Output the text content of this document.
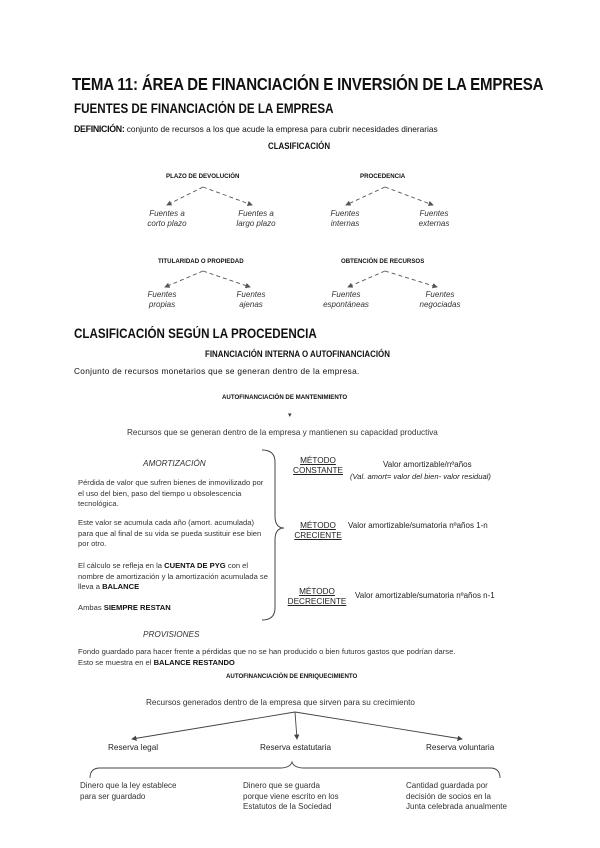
TEMA 11: ÁREA DE FINANCIACIÓN E INVERSIÓN DE LA EMPRESA
FUENTES DE FINANCIACIÓN DE LA EMPRESA
DEFINICIÓN: conjunto de recursos a los que acude la empresa para cubrir necesidades dinerarias
CLASIFICACIÓN
PLAZO DE DEVOLUCIÓN	PROCEDENCIA
TITULARIDAD O PROPIEDAD	OBTENCIÓN DE RECURSOS
Fuentes a
corto plazo
Fuentes a
largo plazo
Fuentes
internas
Fuentes
externas
Fuentes
propias
Fuentes
ajenas
Fuentes
espontáneas
Fuentes
negociadas
CLASIFICACIÓN SEGÚN LA PROCEDENCIA
FINANCIACIÓN INTERNA O AUTOFINANCIACIÓN
Conjunto de recursos monetarios que se generan dentro de la empresa.
AUTOFINANCIACIÓN DE MANTENIMIENTO
▾
Recursos que se generan dentro de la empresa y mantienen su capacidad productiva
AMORTIZACIÓN
Pérdida de valor que sufren bienes de inmovilizado por el uso del bien, paso del tiempo u obsolescencia tecnológica.
Este valor se acumula cada año (amort. acumulada) para que al final de su vida se pueda sustituir ese bien por otro.
El cálculo se refleja en la CUENTA DE PYG con el nombre de amortización y la amortización acumulada se lleva a BALANCE
Ambas SIEMPRE RESTAN
MÉTODO
CONSTANTE
Valor amortizable/nºaños
(Val. amort= valor del bien- valor residual)
MÉTODO
CRECIENTE
Valor amortizable/sumatoria nºaños 1-n
MÉTODO
DECRECIENTE
Valor amortizable/sumatoria nºaños n-1
PROVISIONES
Fondo guardado para hacer frente a pérdidas que no se han producido o bien futuros gastos que podrían darse.
Esto se muestra en el BALANCE RESTANDO
AUTOFINANCIACIÓN DE ENRIQUECIMIENTO
Recursos generados dentro de la empresa que sirven para su crecimiento
Reserva legal	Reserva estatutaria	Reserva voluntaria
Dinero que la ley establece
para ser guardado
Dinero que se guarda
porque viene escrito en los
Estatutos de la Sociedad
Cantidad guardada por
decisión de socios en la
Junta celebrada anualmente
